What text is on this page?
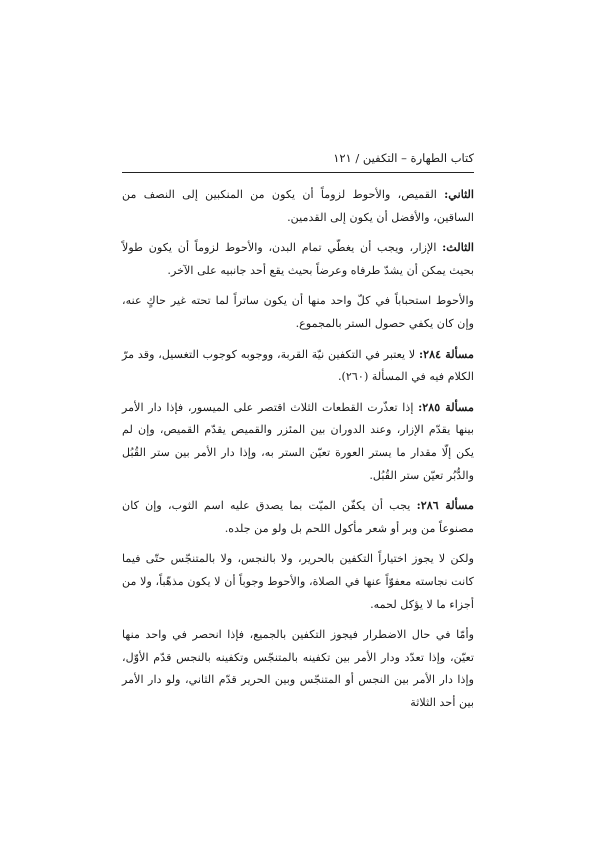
كتاب الطهارة – التكفين / ١٢١

الثاني: القميص، والأحوط لزوماً أن يكون من المنكبين إلى النصف من الساقين، والأفضل أن يكون إلى القدمين.

الثالث: الإزار، ويجب أن يغطّي تمام البدن، والأحوط لزوماً أن يكون طولاً بحيث يمكن أن يشدّ طرفاه وعرضاً بحيث يقع أحد جانبيه على الآخر.

والأحوط استحباباً في كلّ واحد منها أن يكون ساتراً لما تحته غير حاكٍ عنه، وإن كان يكفي حصول الستر بالمجموع.

مسألة ٢٨٤: لا يعتبر في التكفين نيّة القربة، ووجوبه كوجوب التغسيل، وقد مرّ الكلام فيه في المسألة (٢٦٠).

مسألة ٢٨٥: إذا تعذّرت القطعات الثلاث اقتصر على الميسور، فإذا دار الأمر بينها يقدّم الإزار، وعند الدوران بين المئزر والقميص يقدّم القميص، وإن لم يكن إلّا مقدار ما يستر العورة تعيّن الستر به، وإذا دار الأمر بين ستر القُبُل والدُّبُر تعيّن ستر القُبُل.

مسألة ٢٨٦: يجب أن يكفّن الميّت بما يصدق عليه اسم الثوب، وإن كان مصنوعاً من وبر أو شعر مأكول اللحم بل ولو من جلده.

ولكن لا يجوز اختياراً التكفين بالحرير، ولا بالنجس، ولا بالمتنجّس حتّى فيما كانت نجاسته معفوّاً عنها في الصلاة، والأحوط وجوباً أن لا يكون مذهّباً، ولا من أجزاء ما لا يؤكل لحمه.

وأمّا في حال الاضطرار فيجوز التكفين بالجميع، فإذا انحصر في واحد منها تعيّن، وإذا تعدّد ودار الأمر بين تكفينه بالمتنجّس وتكفينه بالنجس قدّم الأوّل، وإذا دار الأمر بين النجس أو المتنجّس وبين الحرير قدّم الثاني، ولو دار الأمر بين أحد الثلاثة
